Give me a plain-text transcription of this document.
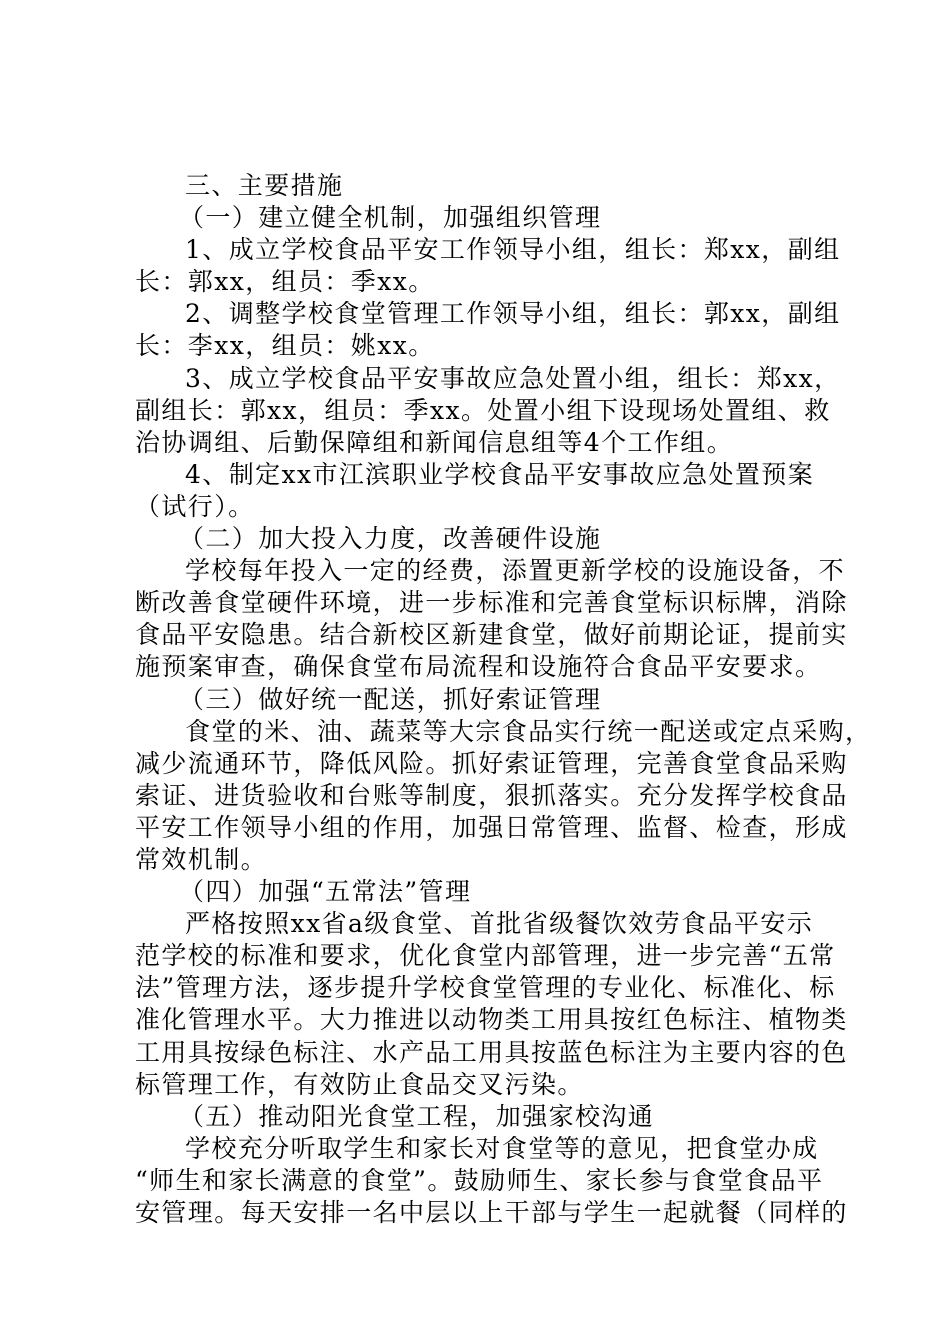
三、主要措施
（一）建立健全机制，加强组织管理
1、成立学校食品平安工作领导小组，组长：郑xx，副组
长：郭xx，组员：季xx。
2、调整学校食堂管理工作领导小组，组长：郭xx，副组
长：李xx，组员：姚xx。
3、成立学校食品平安事故应急处置小组，组长：郑xx，
副组长：郭xx，组员：季xx。处置小组下设现场处置组、救
治协调组、后勤保障组和新闻信息组等4个工作组。
4、制定xx市江滨职业学校食品平安事故应急处置预案
（试行）。
（二）加大投入力度，改善硬件设施
学校每年投入一定的经费，添置更新学校的设施设备，不
断改善食堂硬件环境，进一步标准和完善食堂标识标牌，消除
食品平安隐患。结合新校区新建食堂，做好前期论证，提前实
施预案审查，确保食堂布局流程和设施符合食品平安要求。
（三）做好统一配送，抓好索证管理
食堂的米、油、蔬菜等大宗食品实行统一配送或定点采购，
减少流通环节，降低风险。抓好索证管理，完善食堂食品采购
索证、进货验收和台账等制度，狠抓落实。充分发挥学校食品
平安工作领导小组的作用，加强日常管理、监督、检查，形成
常效机制。
（四）加强“五常法”管理
严格按照xx省a级食堂、首批省级餐饮效劳食品平安示
范学校的标准和要求，优化食堂内部管理，进一步完善“五常
法”管理方法，逐步提升学校食堂管理的专业化、标准化、标
准化管理水平。大力推进以动物类工用具按红色标注、植物类
工用具按绿色标注、水产品工用具按蓝色标注为主要内容的色
标管理工作，有效防止食品交叉污染。
（五）推动阳光食堂工程，加强家校沟通
学校充分听取学生和家长对食堂等的意见，把食堂办成
“师生和家长满意的食堂”。鼓励师生、家长参与食堂食品平
安管理。每天安排一名中层以上干部与学生一起就餐（同样的
